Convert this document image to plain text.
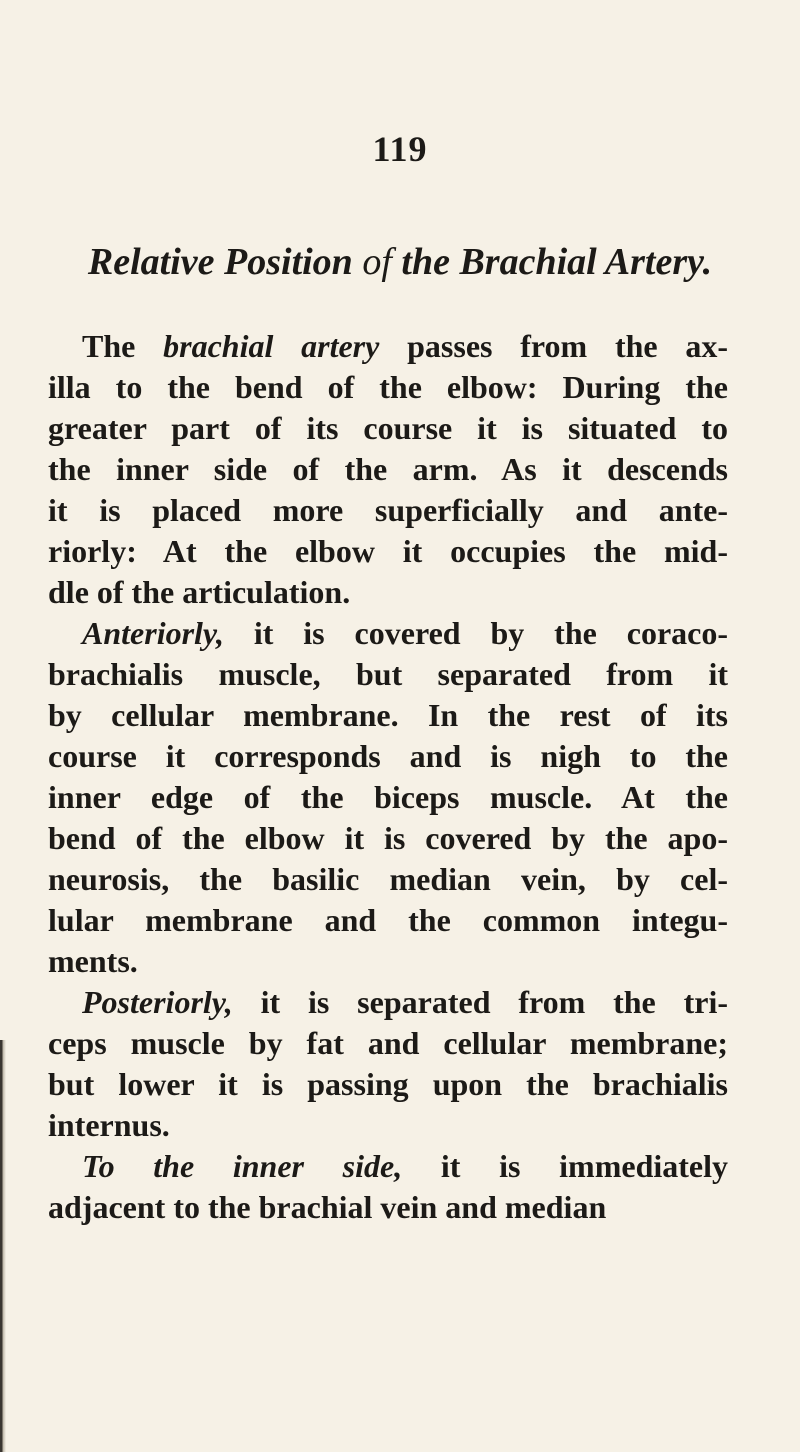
119
Relative Position of the Brachial Artery.
The brachial artery passes from the ax-
illa to the bend of the elbow: During the
greater part of its course it is situated to
the inner side of the arm. As it descends
it is placed more superficially and ante-
riorly: At the elbow it occupies the mid-
dle of the articulation.
Anteriorly, it is covered by the coraco-
brachialis muscle, but separated from it
by cellular membrane. In the rest of its
course it corresponds and is nigh to the
inner edge of the biceps muscle. At the
bend of the elbow it is covered by the apo-
neurosis, the basilic median vein, by cel-
lular membrane and the common integu-
ments.
Posteriorly, it is separated from the tri-
ceps muscle by fat and cellular membrane;
but lower it is passing upon the brachialis
internus.
To the inner side, it is immediately
adjacent to the brachial vein and median
